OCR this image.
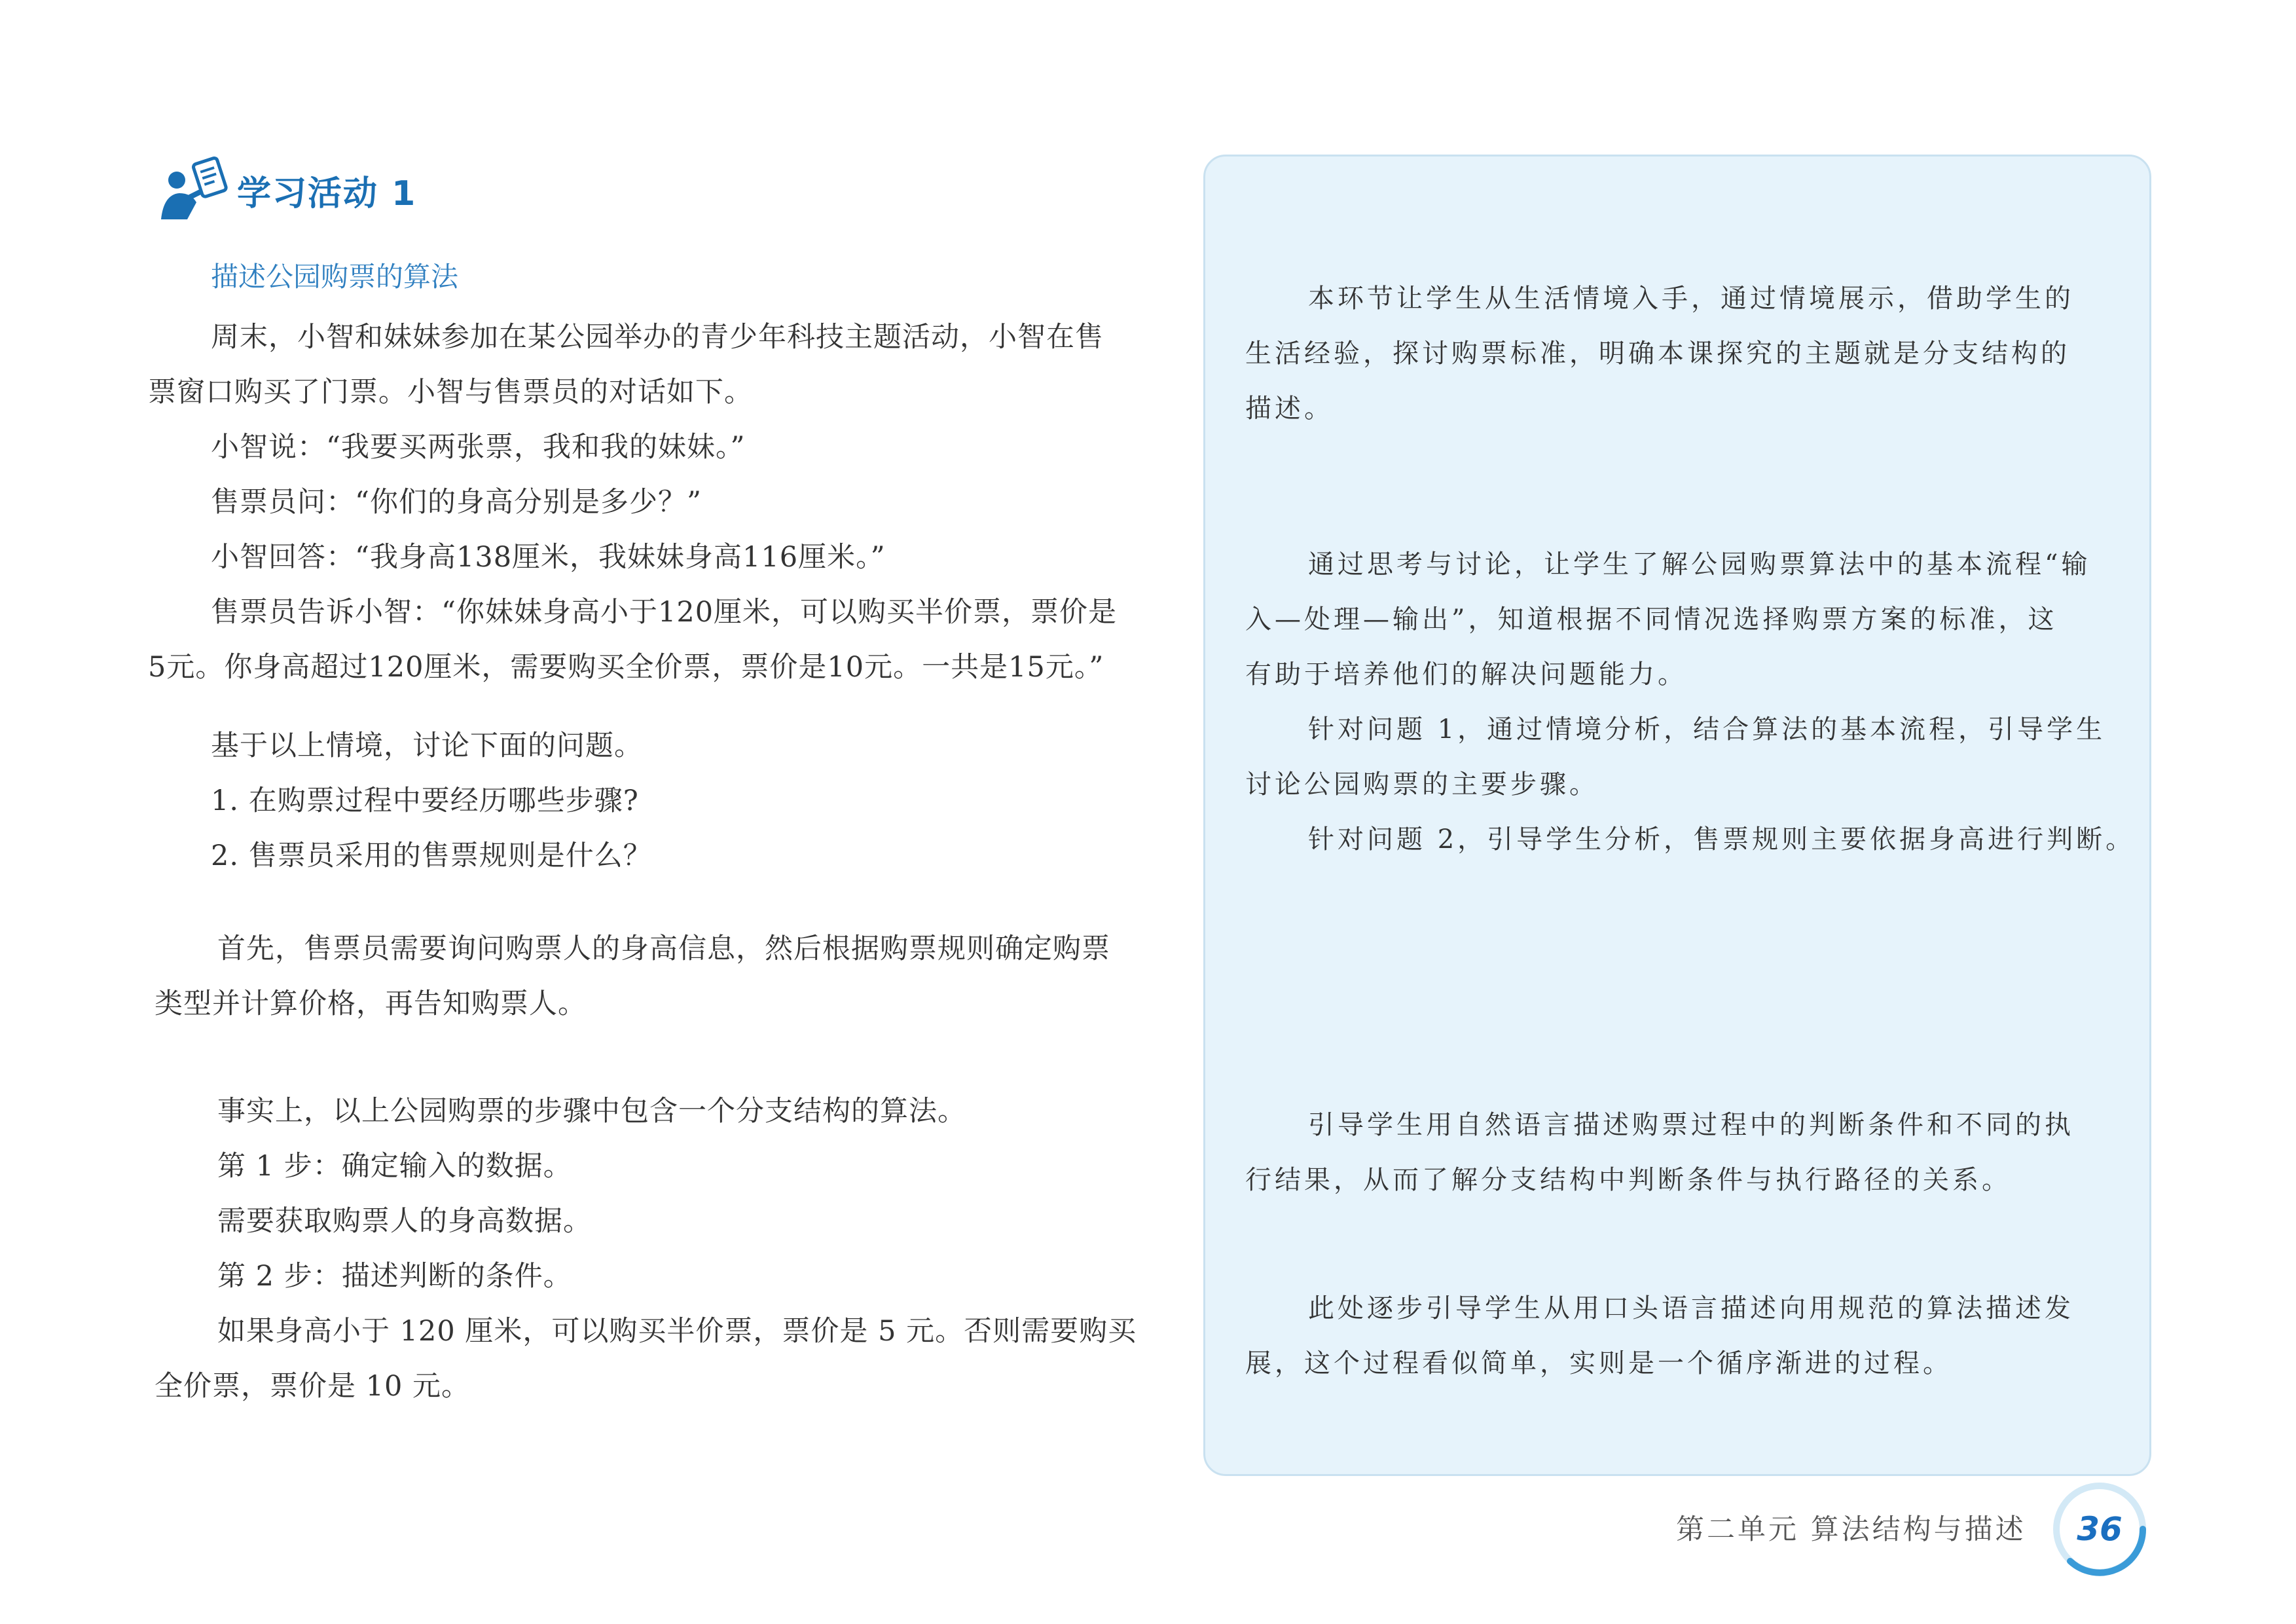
学习活动 1
描述公园购票的算法
周末，小智和妹妹参加在某公园举办的青少年科技主题活动，小智在售
票窗口购买了门票。小智与售票员的对话如下。
小智说：“我要买两张票，我和我的妹妹。”
售票员问：“你们的身高分别是多少？”
小智回答：“我身高138厘米，我妹妹身高116厘米。”
售票员告诉小智：“你妹妹身高小于120厘米，可以购买半价票，票价是
5元。你身高超过120厘米，需要购买全价票，票价是10元。一共是15元。”
基于以上情境，讨论下面的问题。
1. 在购票过程中要经历哪些步骤?
2. 售票员采用的售票规则是什么？
首先，售票员需要询问购票人的身高信息，然后根据购票规则确定购票
类型并计算价格，再告知购票人。
事实上，以上公园购票的步骤中包含一个分支结构的算法。
第 1 步：确定输入的数据。
需要获取购票人的身高数据。
第 2 步：描述判断的条件。
如果身高小于 120 厘米，可以购买半价票，票价是 5 元。否则需要购买
全价票，票价是 10 元。
本环节让学生从生活情境入手，通过情境展示，借助学生的
生活经验，探讨购票标准，明确本课探究的主题就是分支结构的
描述。
通过思考与讨论，让学生了解公园购票算法中的基本流程“输
入—处理—输出”，知道根据不同情况选择购票方案的标准，这
有助于培养他们的解决问题能力。
针对问题 1，通过情境分析，结合算法的基本流程，引导学生
讨论公园购票的主要步骤。
针对问题 2，引导学生分析，售票规则主要依据身高进行判断。
引导学生用自然语言描述购票过程中的判断条件和不同的执
行结果，从而了解分支结构中判断条件与执行路径的关系。
此处逐步引导学生从用口头语言描述向用规范的算法描述发
展，这个过程看似简单，实则是一个循序渐进的过程。
第二单元 算法结构与描述	36
